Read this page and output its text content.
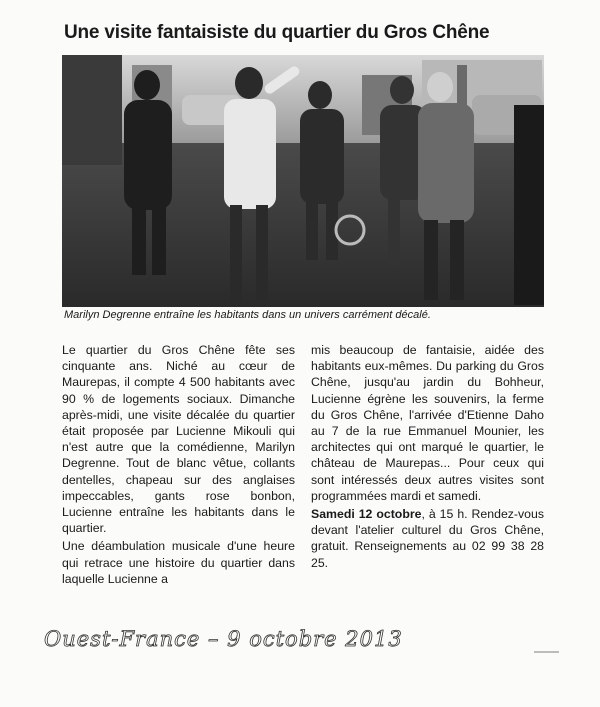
Une visite fantaisiste du quartier du Gros Chêne
Marilyn Degrenne entraîne les habitants dans un univers carrément décalé.

Le quartier du Gros Chêne fête ses cinquante ans. Niché au cœur de Maurepas, il compte 4 500 habitants avec 90 % de logements sociaux. Dimanche après-midi, une visite décalée du quartier était proposée par Lucienne Mikouli qui n'est autre que la comédienne, Marilyn Degrenne. Tout de blanc vêtue, collants dentelles, chapeau sur des anglaises impeccables, gants rose bonbon, Lucienne entraîne les habitants dans le quartier.

Une déambulation musicale d'une heure qui retrace une histoire du quartier dans laquelle Lucienne a

mis beaucoup de fantaisie, aidée des habitants eux-mêmes. Du parking du Gros Chêne, jusqu'au jardin du Bohheur, Lucienne égrène les souvenirs, la ferme du Gros Chêne, l'arrivée d'Etienne Daho au 7 de la rue Emmanuel Mounier, les architectes qui ont marqué le quartier, le château de Maurepas... Pour ceux qui sont intéressés deux autres visites sont programmées mardi et samedi.

Samedi 12 octobre, à 15 h. Rendez-vous devant l'atelier culturel du Gros Chêne, gratuit. Renseignements au 02 99 38 28 25.

Ouest-France – 9 octobre 2013
